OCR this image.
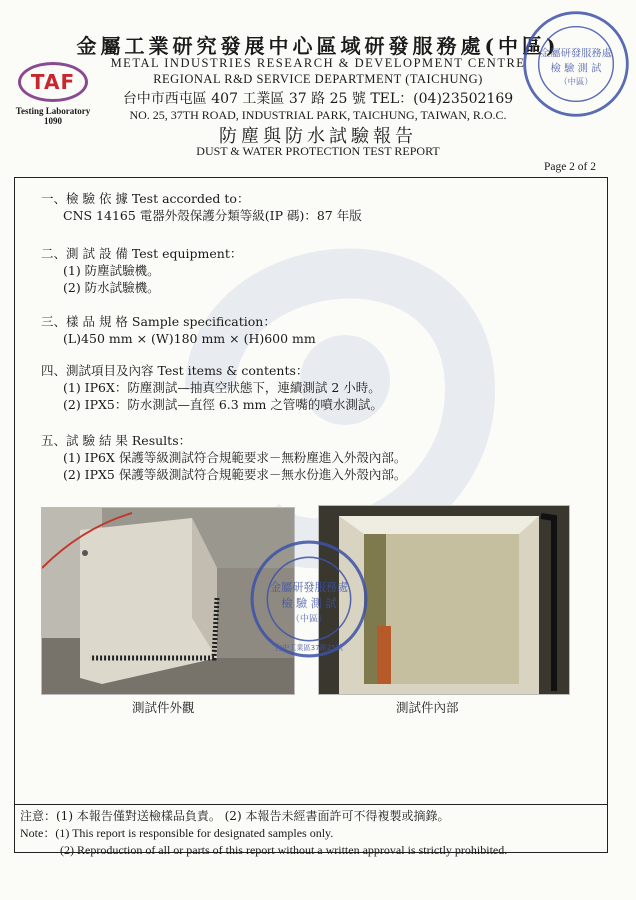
TAF
Testing Laboratory
1090
金屬工業研究發展中心區域研發服務處(中區)
METAL INDUSTRIES RESEARCH & DEVELOPMENT CENTRE
REGIONAL R&D SERVICE DEPARTMENT (TAICHUNG)
台中市西屯區 407 工業區 37 路 25 號 TEL：(04)23502169
NO. 25, 37TH ROAD, INDUSTRIAL PARK, TAICHUNG, TAIWAN, R.O.C.
防塵與防水試驗報告
DUST & WATER PROTECTION TEST REPORT
Page 2 of 2
金屬研發服務處
檢 驗 測 試
（中區）
一、檢 驗 依 據 Test accorded to：
CNS 14165 電器外殼保護分類等級(IP 碼)：87 年版
二、測 試 設 備 Test equipment：
(1) 防塵試驗機。
(2) 防水試驗機。
三、樣 品 規 格 Sample specification：
(L)450 mm × (W)180 mm × (H)600 mm
四、測試項目及內容 Test items & contents：
(1) IP6X：防塵測試—抽真空狀態下，連續測試 2 小時。
(2) IPX5：防水測試—直徑 6.3 mm 之管嘴的噴水測試。
五、試 驗 結 果 Results：
(1) IP6X 保護等級測試符合規範要求－無粉塵進入外殼內部。
(2) IPX5 保護等級測試符合規範要求－無水份進入外殼內部。
測試件外觀	測試件內部
金屬研發服務處
檢 驗 測 試
（中區）
台中工業區37路25號
注意：(1) 本報告僅對送檢樣品負責。 (2) 本報告未經書面許可不得複製或摘錄。
Note：(1) This report is responsible for designated samples only.
(2) Reproduction of all or parts of this report without a written approval is strictly prohibited.
